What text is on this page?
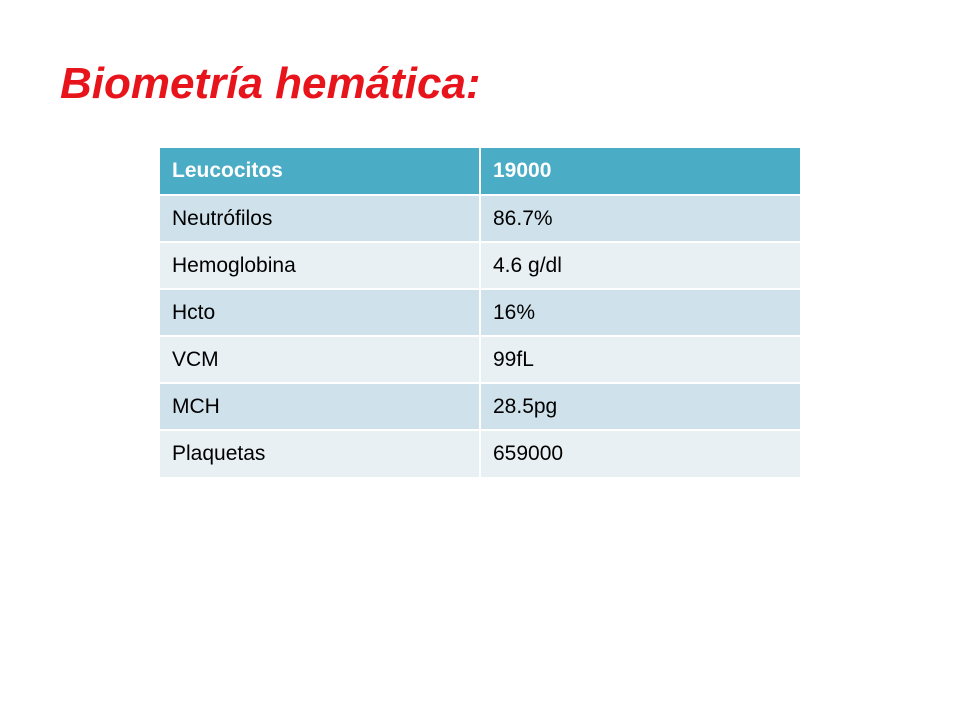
Biometría hemática:
Leucocitos	19000
Neutrófilos	86.7%
Hemoglobina	4.6 g/dl
Hcto	16%
VCM	99fL
MCH	28.5pg
Plaquetas	659000
